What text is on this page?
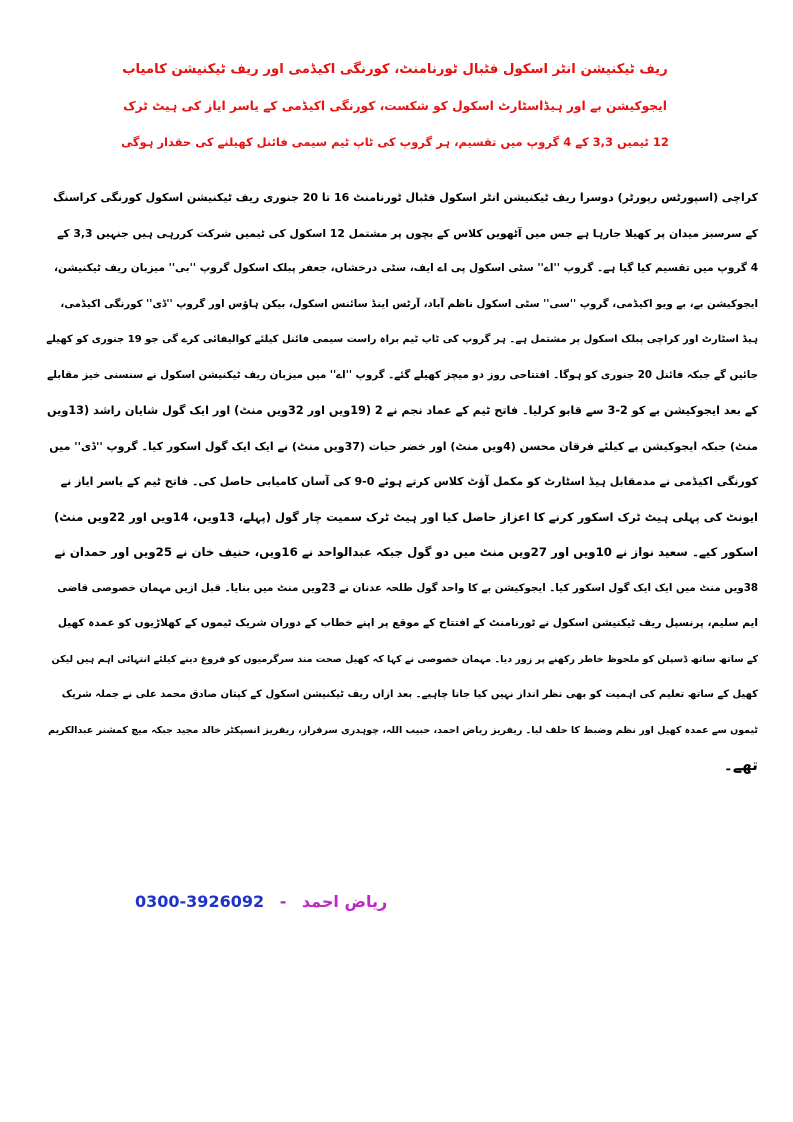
ریف ٹیکنیشن انٹر اسکول فٹبال ٹورنامنٹ، کورنگی اکیڈمی اور ریف ٹیکنیشن کامیاب
ایجوکیشن بے اور ہیڈاسٹارٹ اسکول کو شکست، کورنگی اکیڈمی کے یاسر ایاز کی ہیٹ ٹرک
12 ٹیمیں 3,3 کے 4 گروپ میں تقسیم، ہر گروپ کی ٹاپ ٹیم سیمی فائنل کھیلنے کی حقدار ہوگی
کراچی (اسپورٹس رپورٹر) دوسرا ریف ٹیکنیشن انٹر اسکول فٹبال ٹورنامنٹ 16 تا 20 جنوری ریف ٹیکنیشن اسکول کورنگی کراسنگ
کے سرسبز میدان پر کھیلا جارہا ہے جس میں آٹھویں کلاس کے بچوں پر مشتمل 12 اسکول کی ٹیمیں شرکت کررہی ہیں جنہیں 3,3 کے
4 گروپ میں تقسیم کیا گیا ہے۔ گروپ ''اے'' سٹی اسکول پی اے ایف، سٹی درخشاں، جعفر پبلک اسکول گروپ ''بی'' میزبان ریف ٹیکنیشن،
ایجوکیشن بے، بے ویو اکیڈمی، گروپ ''سی'' سٹی اسکول ناظم آباد، آرٹس اینڈ سائنس اسکول، بیکن ہاؤس اور گروپ ''ڈی'' کورنگی اکیڈمی،
ہیڈ اسٹارٹ اور کراچی پبلک اسکول پر مشتمل ہے۔ ہر گروپ کی ٹاپ ٹیم براہ راست سیمی فائنل کیلئے کوالیفائی کرے گی جو 19 جنوری کو کھیلے
جائیں گے جبکہ فائنل 20 جنوری کو ہوگا۔ افتتاحی روز دو میچز کھیلے گئے۔ گروپ ''اے'' میں میزبان ریف ٹیکنیشن اسکول نے سنسنی خیز مقابلے
کے بعد ایجوکیشن بے کو 2-3 سے قابو کرلیا۔ فاتح ٹیم کے عماد نجم نے 2 (19ویں اور 32ویں منٹ) اور ایک گول شایان راشد (13ویں
منٹ) جبکہ ایجوکیشن بے کیلئے فرقان محسن (4ویں منٹ) اور خضر حیات (37ویں منٹ) نے ایک ایک گول اسکور کیا۔ گروپ ''ڈی'' میں
کورنگی اکیڈمی نے مدمقابل ہیڈ اسٹارٹ کو مکمل آؤٹ کلاس کرتے ہوئے 0-9 کی آسان کامیابی حاصل کی۔ فاتح ٹیم کے یاسر ایاز نے
ایونٹ کی پہلی ہیٹ ٹرک اسکور کرنے کا اعزاز حاصل کیا اور ہیٹ ٹرک سمیت چار گول (پہلے، 13ویں، 14ویں اور 22ویں منٹ)
اسکور کیے۔ سعید نواز نے 10ویں اور 27ویں منٹ میں دو گول جبکہ عبدالواحد نے 16ویں، حنیف خان نے 25ویں اور حمدان نے
38ویں منٹ میں ایک ایک گول اسکور کیا۔ ایجوکیشن بے کا واحد گول طلحہ عدنان نے 23ویں منٹ میں بنایا۔ قبل ازیں مہمان خصوصی قاضی
ایم سلیم، پرنسپل ریف ٹیکنیشن اسکول نے ٹورنامنٹ کے افتتاح کے موقع پر اپنے خطاب کے دوران شریک ٹیموں کے کھلاڑیوں کو عمدہ کھیل
کے ساتھ ساتھ ڈسپلن کو ملحوظ خاطر رکھنے پر زور دیا۔ مہمان خصوصی نے کہا کہ کھیل صحت مند سرگرمیوں کو فروغ دینے کیلئے انتہائی اہم ہیں لیکن
کھیل کے ساتھ تعلیم کی اہمیت کو بھی نظر انداز نہیں کیا جانا چاہیے۔ بعد ازاں ریف ٹیکنیشن اسکول کے کپتان صادق محمد علی نے جملہ شریک
ٹیموں سے عمدہ کھیل اور نظم وضبط کا حلف لیا۔ ریفریز ریاض احمد، حبیب اللہ، چوہدری سرفراز، ریفریز انسپکٹر خالد مجید جبکہ میچ کمشنر عبدالکریم
تھے۔
0300-3926092 - ریاض احمد
